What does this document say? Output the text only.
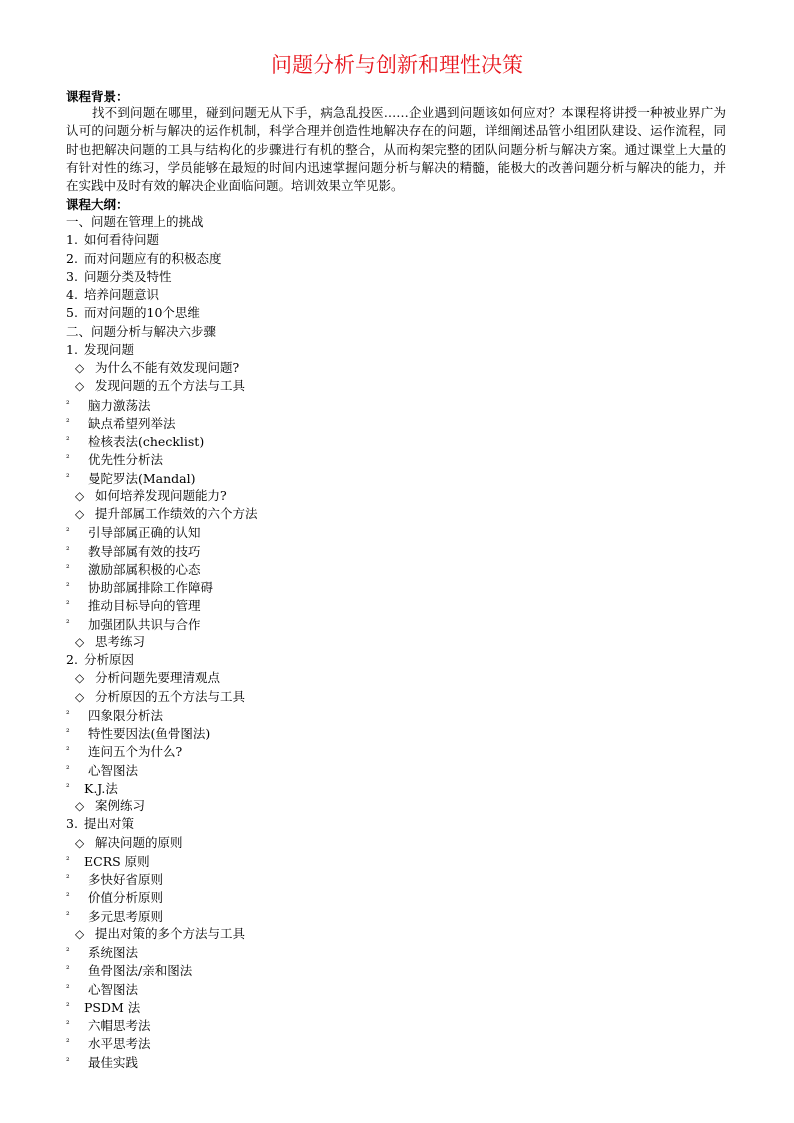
问题分析与创新和理性决策

课程背景：

找不到问题在哪里，碰到问题无从下手，病急乱投医……企业遇到问题该如何应对？本课程将讲授一种被业界广为认可的问题分析与解决的运作机制，科学合理并创造性地解决存在的问题，详细阐述品管小组团队建设、运作流程，同时也把解决问题的工具与结构化的步骤进行有机的整合，从而构架完整的团队问题分析与解决方案。通过课堂上大量的有针对性的练习，学员能够在最短的时间内迅速掌握问题分析与解决的精髓，能极大的改善问题分析与解决的能力，并在实践中及时有效的解决企业面临问题。培训效果立竿见影。

课程大纲：

一、问题在管理上的挑战
1. 如何看待问题
2. 而对问题应有的积极态度
3. 问题分类及特性
4. 培养问题意识
5. 而对问题的10个思维
二、问题分析与解决六步骤
1. 发现问题
◇ 为什么不能有效发现问题?
◇ 发现问题的五个方法与工具
² 脑力激荡法
² 缺点希望列举法
² 检核表法(checklist)
² 优先性分析法
² 曼陀罗法(Mandal)
◇ 如何培养发现问题能力?
◇ 提升部属工作绩效的六个方法
² 引导部属正确的认知
² 教导部属有效的技巧
² 激励部属积极的心态
² 协助部属排除工作障碍
² 推动目标导向的管理
² 加强团队共识与合作
◇ 思考练习
2. 分析原因
◇ 分析问题先要理清观点
◇ 分析原因的五个方法与工具
² 四象限分析法
² 特性要因法(鱼骨图法)
² 连问五个为什么?
² 心智图法
² K.J.法
◇ 案例练习
3. 提出对策
◇ 解决问题的原则
² ECRS 原则
² 多快好省原则
² 价值分析原则
² 多元思考原则
◇ 提出对策的多个方法与工具
² 系统图法
² 鱼骨图法/亲和图法
² 心智图法
² PSDM 法
² 六帽思考法
² 水平思考法
² 最佳实践
